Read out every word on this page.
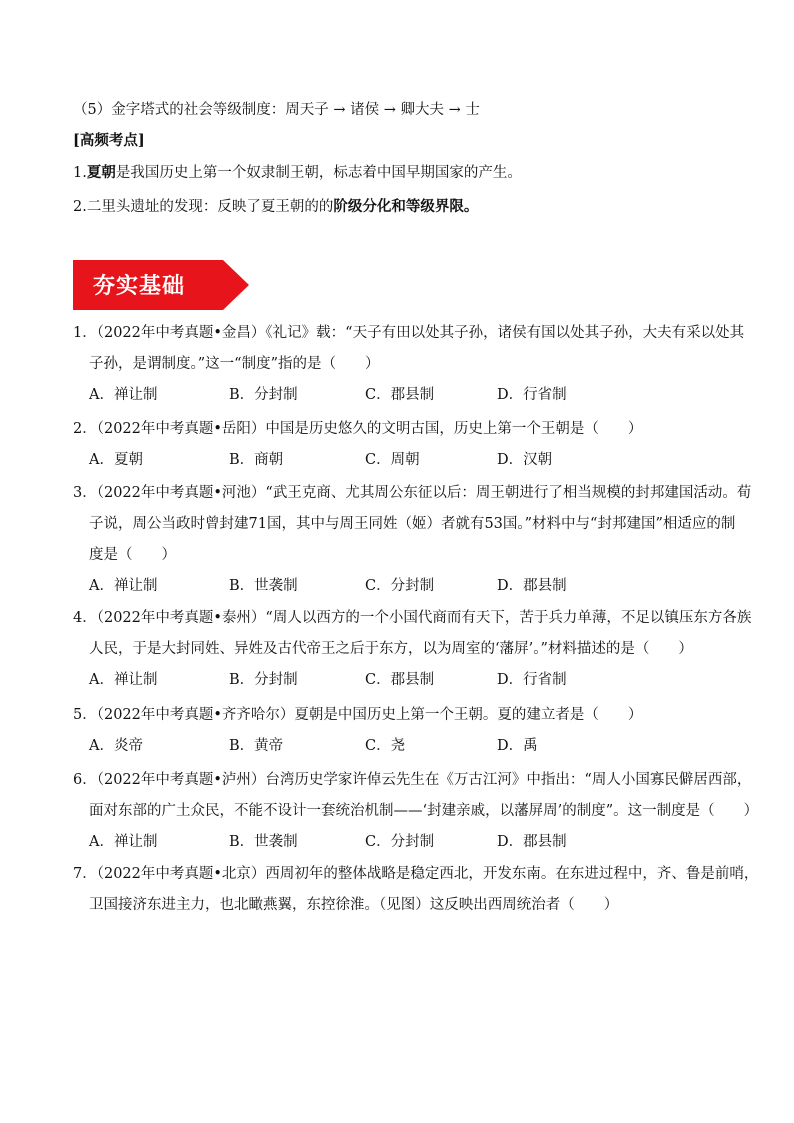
（5）金字塔式的社会等级制度：周天子 → 诸侯 → 卿大夫 → 士
[高频考点]
1.夏朝是我国历史上第一个奴隶制王朝，标志着中国早期国家的产生。
2.二里头遗址的发现：反映了夏王朝的的阶级分化和等级界限。
夯实基础
1．（2022年中考真题•金昌）《礼记》载：“天子有田以处其子孙，诸侯有国以处其子孙，大夫有采以处其
子孙，是谓制度。”这一“制度”指的是（　　）
A．禅让制	B．分封制	C．郡县制	D．行省制
2．（2022年中考真题•岳阳）中国是历史悠久的文明古国，历史上第一个王朝是（　　）
A．夏朝	B．商朝	C．周朝	D．汉朝
3．（2022年中考真题•河池）“武王克商、尤其周公东征以后：周王朝进行了相当规模的封邦建国活动。荀
子说，周公当政时曾封建71国，其中与周王同姓（姬）者就有53国。”材料中与“封邦建国”相适应的制
度是（　　）
A．禅让制	B．世袭制	C．分封制	D．郡县制
4．（2022年中考真题•泰州）“周人以西方的一个小国代商而有天下，苦于兵力单薄，不足以镇压东方各族
人民，于是大封同姓、异姓及古代帝王之后于东方，以为周室的‘藩屏’。”材料描述的是（　　）
A．禅让制	B．分封制	C．郡县制	D．行省制
5．（2022年中考真题•齐齐哈尔）夏朝是中国历史上第一个王朝。夏的建立者是（　　）
A．炎帝	B．黄帝	C．尧	D．禹
6．（2022年中考真题•泸州）台湾历史学家许倬云先生在《万古江河》中指出：“周人小国寡民僻居西部，
面对东部的广土众民，不能不设计一套统治机制——‘封建亲戚，以藩屏周’的制度”。这一制度是（　　）
A．禅让制	B．世袭制	C．分封制	D．郡县制
7．（2022年中考真题•北京）西周初年的整体战略是稳定西北，开发东南。在东进过程中，齐、鲁是前哨，
卫国接济东进主力，也北瞰燕翼，东控徐淮。（见图）这反映出西周统治者（　　）
